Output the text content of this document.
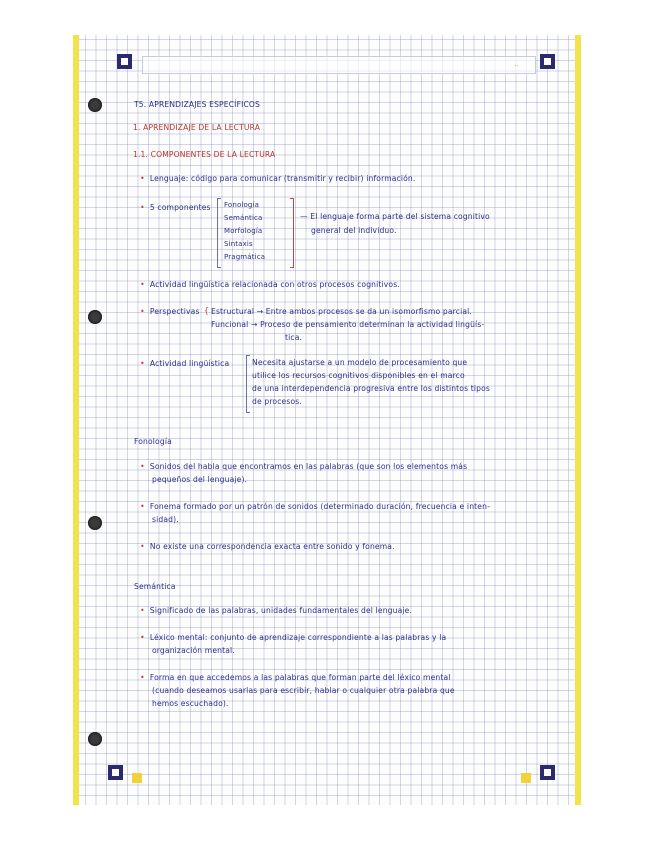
..
T5. APRENDIZAJES ESPECÍFICOS
1. APRENDIZAJE DE LA LECTURA
1.1. COMPONENTES DE LA LECTURA
• Lenguaje: código para comunicar (transmitir y recibir) información.
• 5 componentes Fonología
Semántica
Morfología
Sintaxis
Pragmática
— El lenguaje forma parte del sistema cognitivo
general del individuo.
• Actividad lingüística relacionada con otros procesos cognitivos.
• Perspectivas { Estructural → Entre ambos procesos se da un isomorfismo parcial.
Funcional → Proceso de pensamiento determinan la actividad lingüís-
tica.
• Actividad lingüística	Necesita ajustarse a un modelo de procesamiento que
utilice los recursos cognitivos disponibles en el marco
de una interdependencia progresiva entre los distintos tipos
de procesos.
Fonología
• Sonidos del habla que encontramos en las palabras (que son los elementos más
pequeños del lenguaje).
• Fonema formado por un patrón de sonidos (determinado duración, frecuencia e inten-
sidad).
• No existe una correspondencia exacta entre sonido y fonema.
Semántica
• Significado de las palabras, unidades fundamentales del lenguaje.
• Léxico mental: conjunto de aprendizaje correspondiente a las palabras y la
organización mental.
• Forma en que accedemos a las palabras que forman parte del léxico mental
(cuando deseamos usarlas para escribir, hablar o cualquier otra palabra que
hemos escuchado).
